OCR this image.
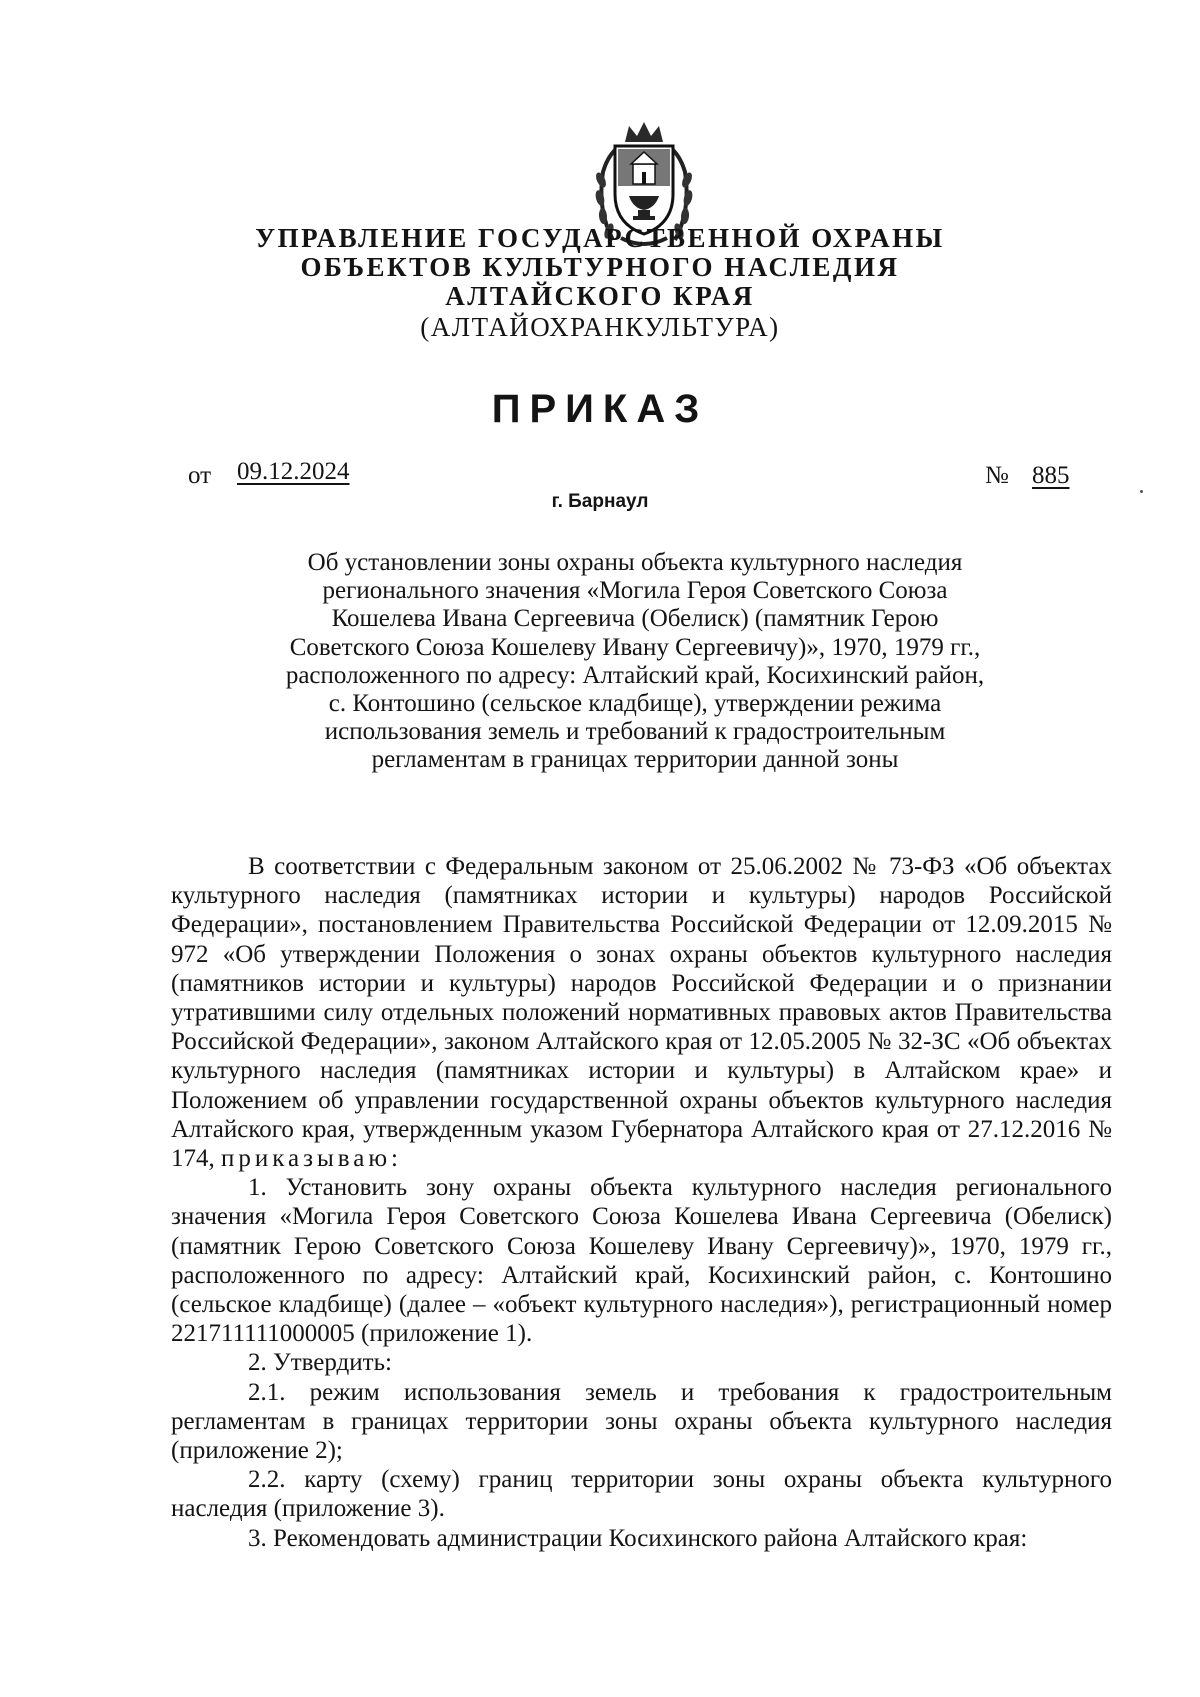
УПРАВЛЕНИЕ ГОСУДАРСТВЕННОЙ ОХРАНЫ
ОБЪЕКТОВ КУЛЬТУРНОГО НАСЛЕДИЯ
АЛТАЙСКОГО КРАЯ
(АЛТАЙОХРАНКУЛЬТУРА)
ПРИКАЗ
от 09.12.2024	№ 885
г. Барнаул
Об установлении зоны охраны объекта культурного наследия
регионального значения «Могила Героя Советского Союза
Кошелева Ивана Сергеевича (Обелиск) (памятник Герою
Советского Союза Кошелеву Ивану Сергеевичу)», 1970, 1979 гг.,
расположенного по адресу: Алтайский край, Косихинский район,
с. Контошино (сельское кладбище), утверждении режима
использования земель и требований к градостроительным
регламентам в границах территории данной зоны

В соответствии с Федеральным законом от 25.06.2002 № 73-ФЗ «Об объектах культурного наследия (памятниках истории и культуры) народов Российской Федерации», постановлением Правительства Российской Федерации от 12.09.2015 № 972 «Об утверждении Положения о зонах охраны объектов культурного наследия (памятников истории и культуры) народов Российской Федерации и о признании утратившими силу отдельных положений нормативных правовых актов Правительства Российской Федерации», законом Алтайского края от 12.05.2005 № 32-ЗС «Об объектах культурного наследия (памятниках истории и культуры) в Алтайском крае» и Положением об управлении государственной охраны объектов культурного наследия Алтайского края, утвержденным указом Губернатора Алтайского края от 27.12.2016 № 174, приказываю:

1. Установить зону охраны объекта культурного наследия регионального значения «Могила Героя Советского Союза Кошелева Ивана Сергеевича (Обелиск) (памятник Герою Советского Союза Кошелеву Ивану Сергеевичу)», 1970, 1979 гг., расположенного по адресу: Алтайский край, Косихинский район, с. Контошино (сельское кладбище) (далее – «объект культурного наследия»), регистрационный номер 221711111000005 (приложение 1).

2. Утвердить:

2.1. режим использования земель и требования к градостроительным регламентам в границах территории зоны охраны объекта культурного наследия (приложение 2);

2.2. карту (схему) границ территории зоны охраны объекта культурного наследия (приложение 3).

3. Рекомендовать администрации Косихинского района Алтайского края:
